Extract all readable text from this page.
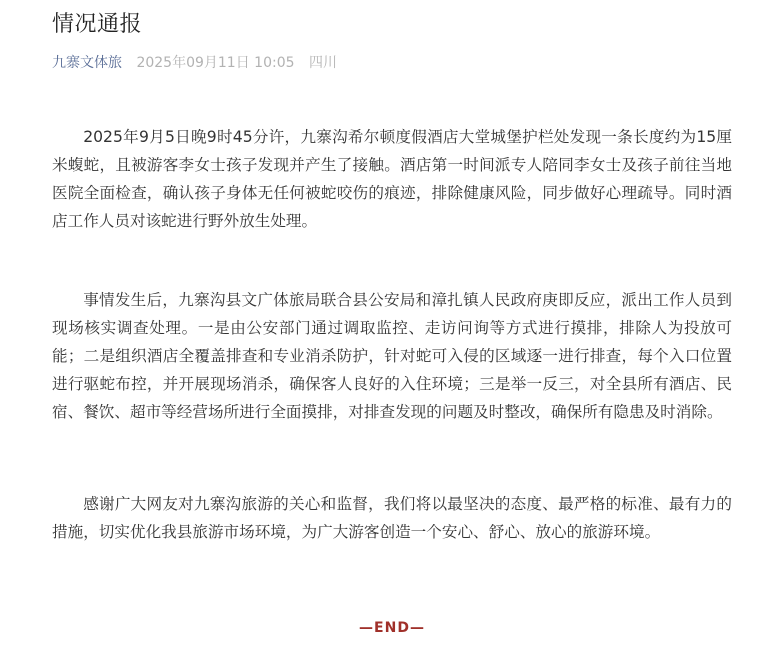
情况通报
九寨文体旅 2025年09月11日 10:05 四川

2025年9月5日晚9时45分许，九寨沟希尔顿度假酒店大堂城堡护栏处发现一条长度约为15厘米蝮蛇，且被游客李女士孩子发现并产生了接触。酒店第一时间派专人陪同李女士及孩子前往当地医院全面检查，确认孩子身体无任何被蛇咬伤的痕迹，排除健康风险，同步做好心理疏导。同时酒店工作人员对该蛇进行野外放生处理。

事情发生后，九寨沟县文广体旅局联合县公安局和漳扎镇人民政府庚即反应，派出工作人员到现场核实调查处理。一是由公安部门通过调取监控、走访问询等方式进行摸排，排除人为投放可能；二是组织酒店全覆盖排查和专业消杀防护，针对蛇可入侵的区域逐一进行排查，每个入口位置进行驱蛇布控，并开展现场消杀，确保客人良好的入住环境；三是举一反三，对全县所有酒店、民宿、餐饮、超市等经营场所进行全面摸排，对排查发现的问题及时整改，确保所有隐患及时消除。

感谢广大网友对九寨沟旅游的关心和监督，我们将以最坚决的态度、最严格的标准、最有力的措施，切实优化我县旅游市场环境，为广大游客创造一个安心、舒心、放心的旅游环境。

—END—
